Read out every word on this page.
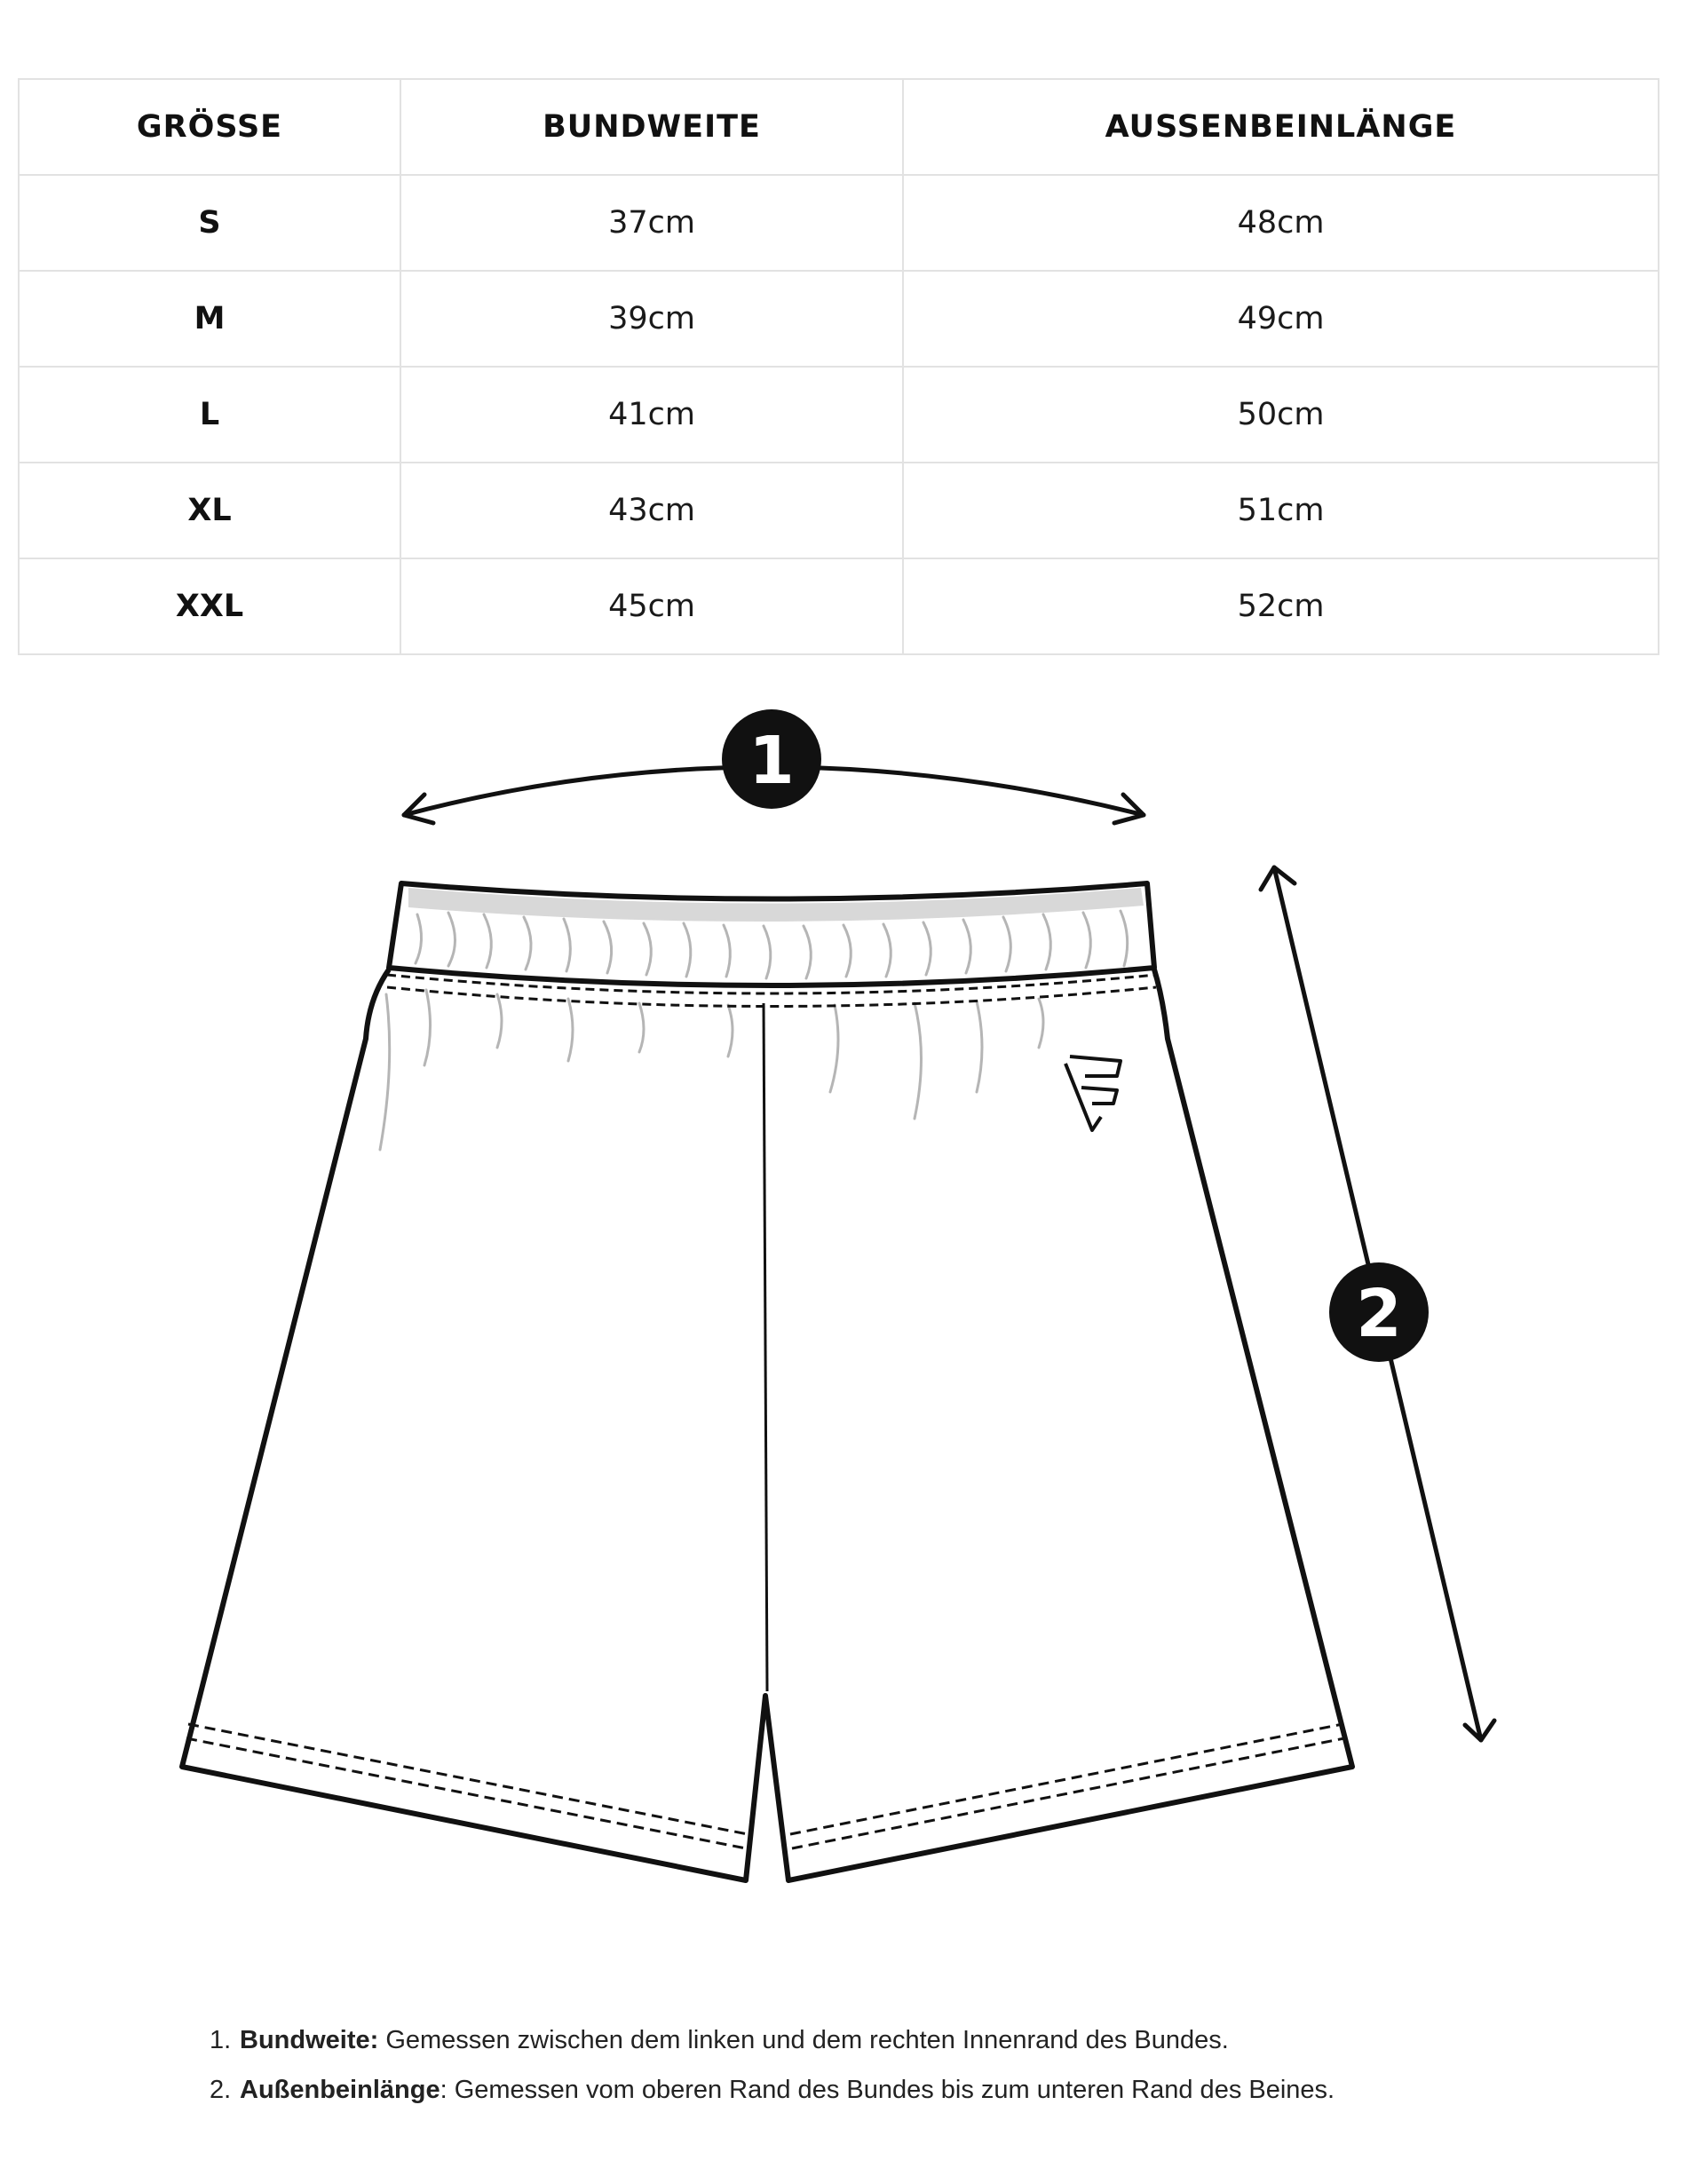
GRÖSSE	BUNDWEITE	AUSSENBEINLÄNGE
S	37cm	48cm
M	39cm	49cm
L	41cm	50cm
XL	43cm	51cm
XXL	45cm	52cm
1
2
1. Bundweite: Gemessen zwischen dem linken und dem rechten Innenrand des Bundes.
2. Außenbeinlänge: Gemessen vom oberen Rand des Bundes bis zum unteren Rand des Beines.
